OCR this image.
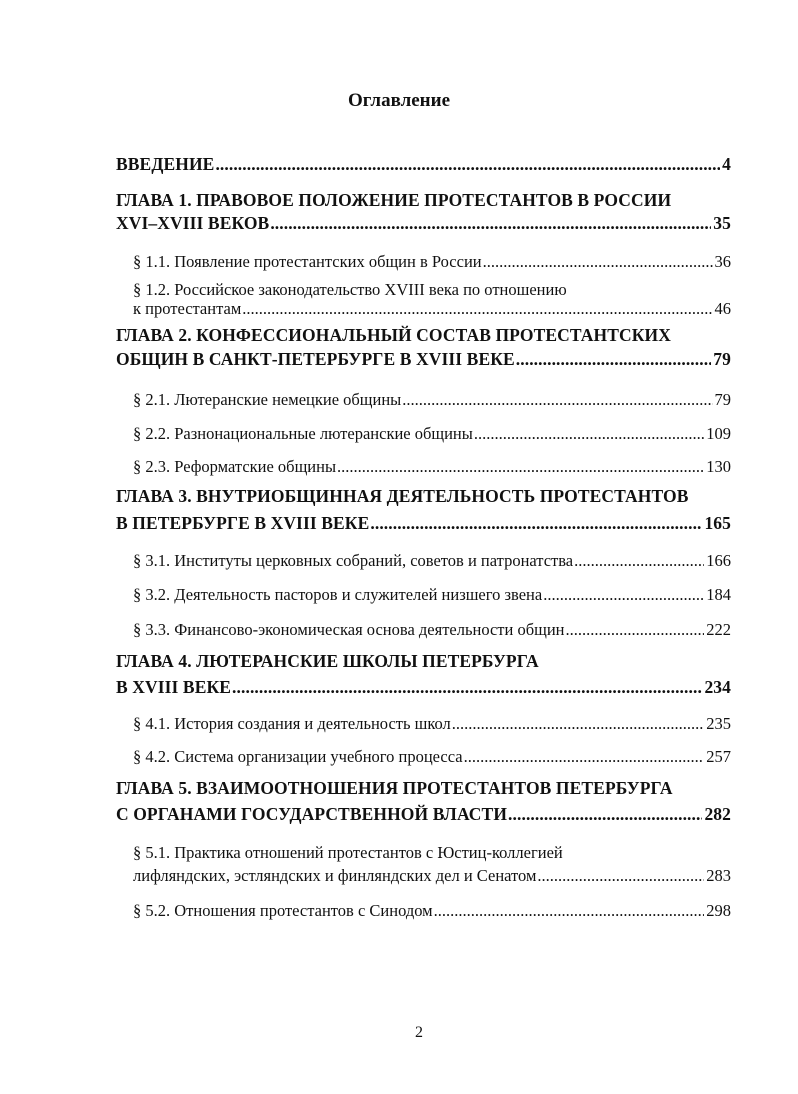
Оглавление
ВВЕДЕНИЕ .....	4
ГЛАВА 1. ПРАВОВОЕ ПОЛОЖЕНИЕ ПРОТЕСТАНТОВ В РОССИИ
XVI–XVIII ВЕКОВ .....	35
§ 1.1. Появление протестантских общин в России .....	36
§ 1.2. Российское законодательство XVIII века по отношению
к протестантам .....	46
ГЛАВА 2. КОНФЕССИОНАЛЬНЫЙ СОСТАВ ПРОТЕСТАНТСКИХ
ОБЩИН В САНКТ-ПЕТЕРБУРГЕ В XVIII ВЕКЕ .....	79
§ 2.1. Лютеранские немецкие общины .....	79
§ 2.2. Разнонациональные лютеранские общины .....	109
§ 2.3. Реформатские общины .....	130
ГЛАВА 3. ВНУТРИОБЩИННАЯ ДЕЯТЕЛЬНОСТЬ ПРОТЕСТАНТОВ
В ПЕТЕРБУРГЕ В XVIII ВЕКЕ .....	165
§ 3.1. Институты церковных собраний, советов и патронатства .....	166
§ 3.2. Деятельность пасторов и служителей низшего звена .....	184
§ 3.3. Финансово-экономическая основа деятельности общин .....	222
ГЛАВА 4. ЛЮТЕРАНСКИЕ ШКОЛЫ ПЕТЕРБУРГА
В XVIII ВЕКЕ .....	234
§ 4.1. История создания и деятельность школ .....	235
§ 4.2. Система организации учебного процесса .....	257
ГЛАВА 5. ВЗАИМООТНОШЕНИЯ ПРОТЕСТАНТОВ ПЕТЕРБУРГА
С ОРГАНАМИ ГОСУДАРСТВЕННОЙ ВЛАСТИ .....	282
§ 5.1. Практика отношений протестантов с Юстиц-коллегией
лифляндских, эстляндских и финляндских дел и Сенатом .....	283
§ 5.2. Отношения протестантов с Синодом .....	298
2
